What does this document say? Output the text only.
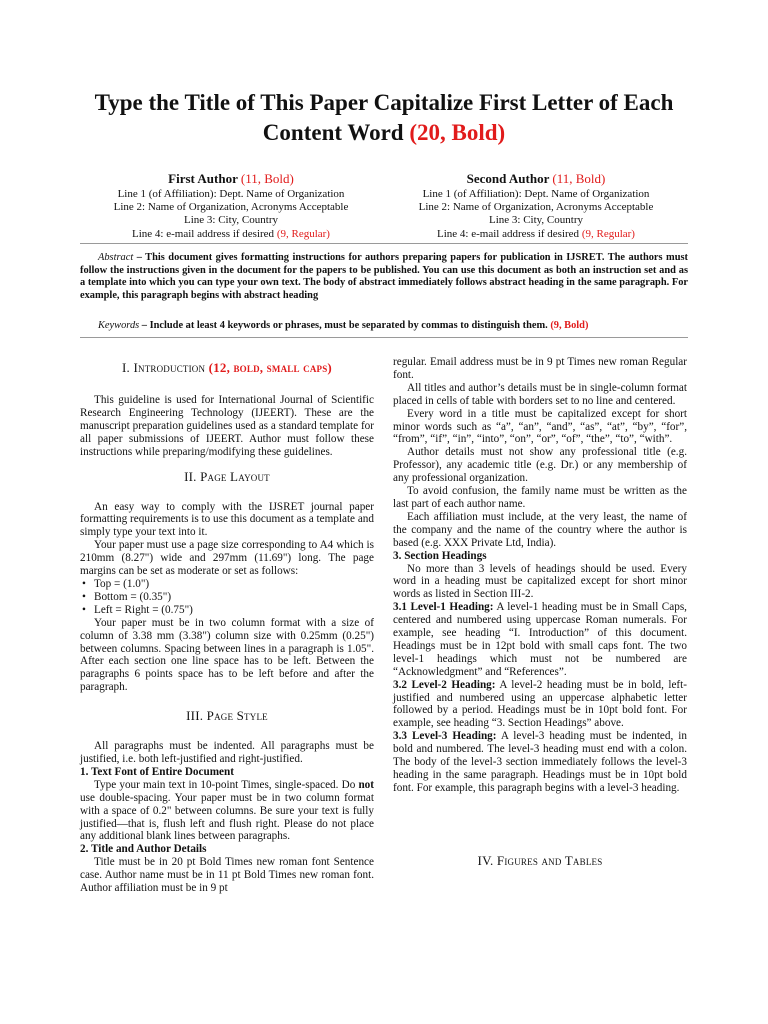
Type the Title of This Paper Capitalize First Letter of Each Content Word (20, Bold)
First Author (11, Bold)
Line 1 (of Affiliation): Dept. Name of Organization
Line 2: Name of Organization, Acronyms Acceptable
Line 3: City, Country
Line 4: e-mail address if desired (9, Regular)
Second Author (11, Bold)
Line 1 (of Affiliation): Dept. Name of Organization
Line 2: Name of Organization, Acronyms Acceptable
Line 3: City, Country
Line 4: e-mail address if desired (9, Regular)
Abstract – This document gives formatting instructions for authors preparing papers for publication in IJSRET. The authors must follow the instructions given in the document for the papers to be published. You can use this document as both an instruction set and as a template into which you can type your own text. The body of abstract immediately follows abstract heading in the same paragraph. For example, this paragraph begins with abstract heading
Keywords – Include at least 4 keywords or phrases, must be separated by commas to distinguish them. (9, Bold)
I. Introduction (12, bold, small caps)

This guideline is used for International Journal of Scientific Research Engineering Technology (IJEERT). These are the manuscript preparation guidelines used as a standard template for all paper submissions of IJEERT. Author must follow these instructions while preparing/modifying these guidelines.

II. Page Layout

An easy way to comply with the IJSRET journal paper formatting requirements is to use this document as a template and simply type your text into it.

Your paper must use a page size corresponding to A4 which is 210mm (8.27") wide and 297mm (11.69") long. The page margins can be set as moderate or set as follows:

• Top = (1.0")
• Bottom = (0.35")
• Left = Right = (0.75")

Your paper must be in two column format with a size of column of 3.38 mm (3.38") column size with 0.25mm (0.25") between columns. Spacing between lines in a paragraph is 1.05". After each section one line space has to be left. Between the paragraphs 6 points space has to be left before and after the paragraph.

III. Page Style

All paragraphs must be indented. All paragraphs must be justified, i.e. both left-justified and right-justified.

1. Text Font of Entire Document

Type your main text in 10-point Times, single-spaced. Do not use double-spacing. Your paper must be in two column format with a space of 0.2" between columns. Be sure your text is fully justified—that is, flush left and flush right. Please do not place any additional blank lines between paragraphs.

2. Title and Author Details

Title must be in 20 pt Bold Times new roman font Sentence case. Author name must be in 11 pt Bold Times new roman font. Author affiliation must be in 9 pt

regular. Email address must be in 9 pt Times new roman Regular font.

All titles and author’s details must be in single-column format placed in cells of table with borders set to no line and centered.

Every word in a title must be capitalized except for short minor words such as “a”, “an”, “and”, “as”, “at”, “by”, “for”, “from”, “if”, “in”, “into”, “on”, “or”, “of”, “the”, “to”, “with”.

Author details must not show any professional title (e.g. Professor), any academic title (e.g. Dr.) or any membership of any professional organization.

To avoid confusion, the family name must be written as the last part of each author name.

Each affiliation must include, at the very least, the name of the company and the name of the country where the author is based (e.g. XXX Private Ltd, India).

3. Section Headings

No more than 3 levels of headings should be used. Every word in a heading must be capitalized except for short minor words as listed in Section III-2.

3.1 Level-1 Heading: A level-1 heading must be in Small Caps, centered and numbered using uppercase Roman numerals. For example, see heading “I. Introduction” of this document. Headings must be in 12pt bold with small caps font. The two level-1 headings which must not be numbered are “Acknowledgment” and “References”.

3.2 Level-2 Heading: A level-2 heading must be in bold, left-justified and numbered using an uppercase alphabetic letter followed by a period. Headings must be in 10pt bold font. For example, see heading “3. Section Headings” above.

3.3 Level-3 Heading: A level-3 heading must be indented, in bold and numbered. The level-3 heading must end with a colon. The body of the level-3 section immediately follows the level-3 heading in the same paragraph. Headings must be in 10pt bold font. For example, this paragraph begins with a level-3 heading.

IV. Figures and Tables
